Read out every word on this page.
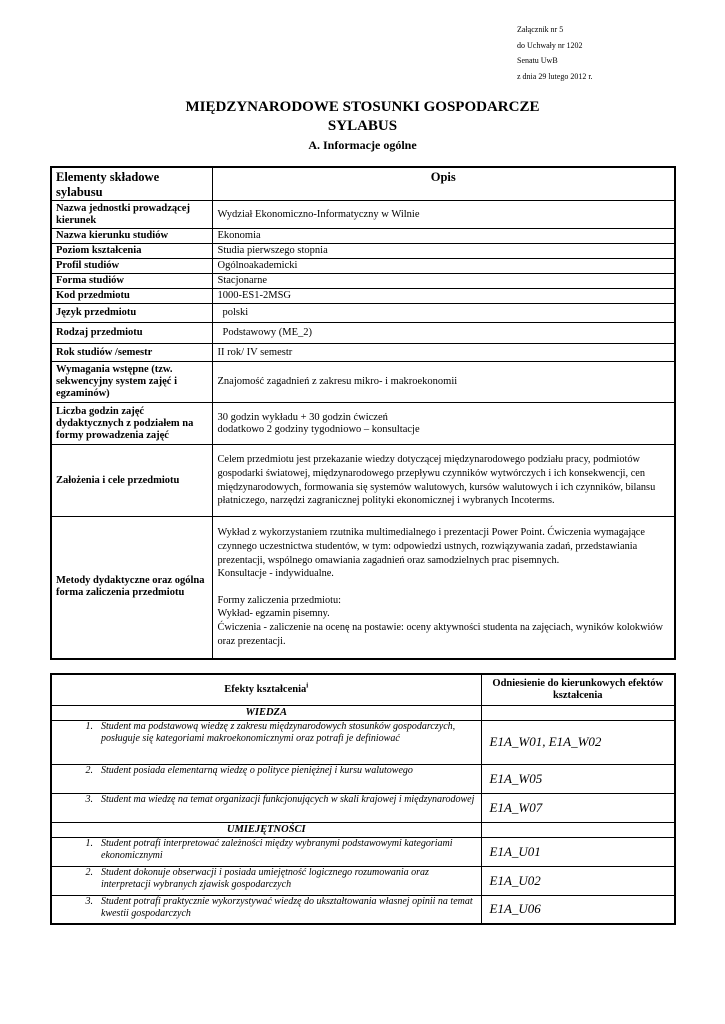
Załącznik nr 5
do Uchwały nr 1202
Senatu UwB
z dnia 29 lutego 2012 r.
MIĘDZYNARODOWE STOSUNKI GOSPODARCZE
SYLABUS
A. Informacje ogólne
Elementy składowe sylabusu	Opis
Nazwa jednostki prowadzącej kierunek	Wydział Ekonomiczno-Informatyczny w Wilnie
Nazwa kierunku studiów	Ekonomia
Poziom kształcenia	Studia pierwszego stopnia
Profil studiów	Ogólnoakademicki
Forma studiów	Stacjonarne
Kod przedmiotu	1000-ES1-2MSG
Język przedmiotu	polski
Rodzaj przedmiotu	Podstawowy (ME_2)
Rok studiów /semestr	II rok/ IV semestr
Wymagania wstępne (tzw. sekwencyjny system zajęć i egzaminów)	Znajomość zagadnień z zakresu mikro- i makroekonomii
Liczba godzin zajęć dydaktycznych z podziałem na formy prowadzenia zajęć	30 godzin wykładu + 30 godzin ćwiczeń
dodatkowo 2 godziny tygodniowo – konsultacje

Założenia i cele przedmiotu	Celem przedmiotu jest przekazanie wiedzy dotyczącej międzynarodowego podziału pracy, podmiotów gospodarki światowej, międzynarodowego przepływu czynników wytwórczych i ich konsekwencji, cen międzynarodowych, formowania się systemów walutowych, kursów walutowych i ich czynników, bilansu płatniczego, narzędzi zagranicznej polityki ekonomicznej i wybranych Incoterms.
Metody dydaktyczne oraz ogólna forma zaliczenia przedmiotu	Wykład z wykorzystaniem rzutnika multimedialnego i prezentacji Power Point. Ćwiczenia wymagające czynnego uczestnictwa studentów, w tym: odpowiedzi ustnych, rozwiązywania zadań, przedstawiania prezentacji, wspólnego omawiania zagadnień oraz samodzielnych prac pisemnych.
Konsultacje - indywidualne.
Formy zaliczenia przedmiotu:
Wykład- egzamin pisemny.
Ćwiczenia - zaliczenie na ocenę na postawie: oceny aktywności studenta na zajęciach, wyników kolokwiów oraz prezentacji.
Efekty kształcenia$^i$		Odniesienie do kierunkowych efektów kształcenia
WIEDZA		
1.	Student ma podstawową wiedzę z zakresu międzynarodowych stosunków gospodarczych, posługuje się kategoriami makroekonomicznymi oraz potrafi je definiować	E1A_W01, E1A_W02
2.	Student posiada elementarną wiedzę o polityce pieniężnej i kursu walutowego	E1A_W05
3.	Student ma wiedzę na temat organizacji funkcjonujących w skali krajowej i międzynarodowej	E1A_W07
UMIEJĘTNOŚCI		
1.	Student potrafi interpretować zależności między wybranymi podstawowymi kategoriami ekonomicznymi	E1A_U01
2.	Student dokonuje obserwacji i posiada umiejętność logicznego rozumowania oraz interpretacji wybranych zjawisk gospodarczych	E1A_U02
3.	Student potrafi praktycznie wykorzystywać wiedzę do ukształtowania własnej opinii na temat kwestii gospodarczych	E1A_U06
